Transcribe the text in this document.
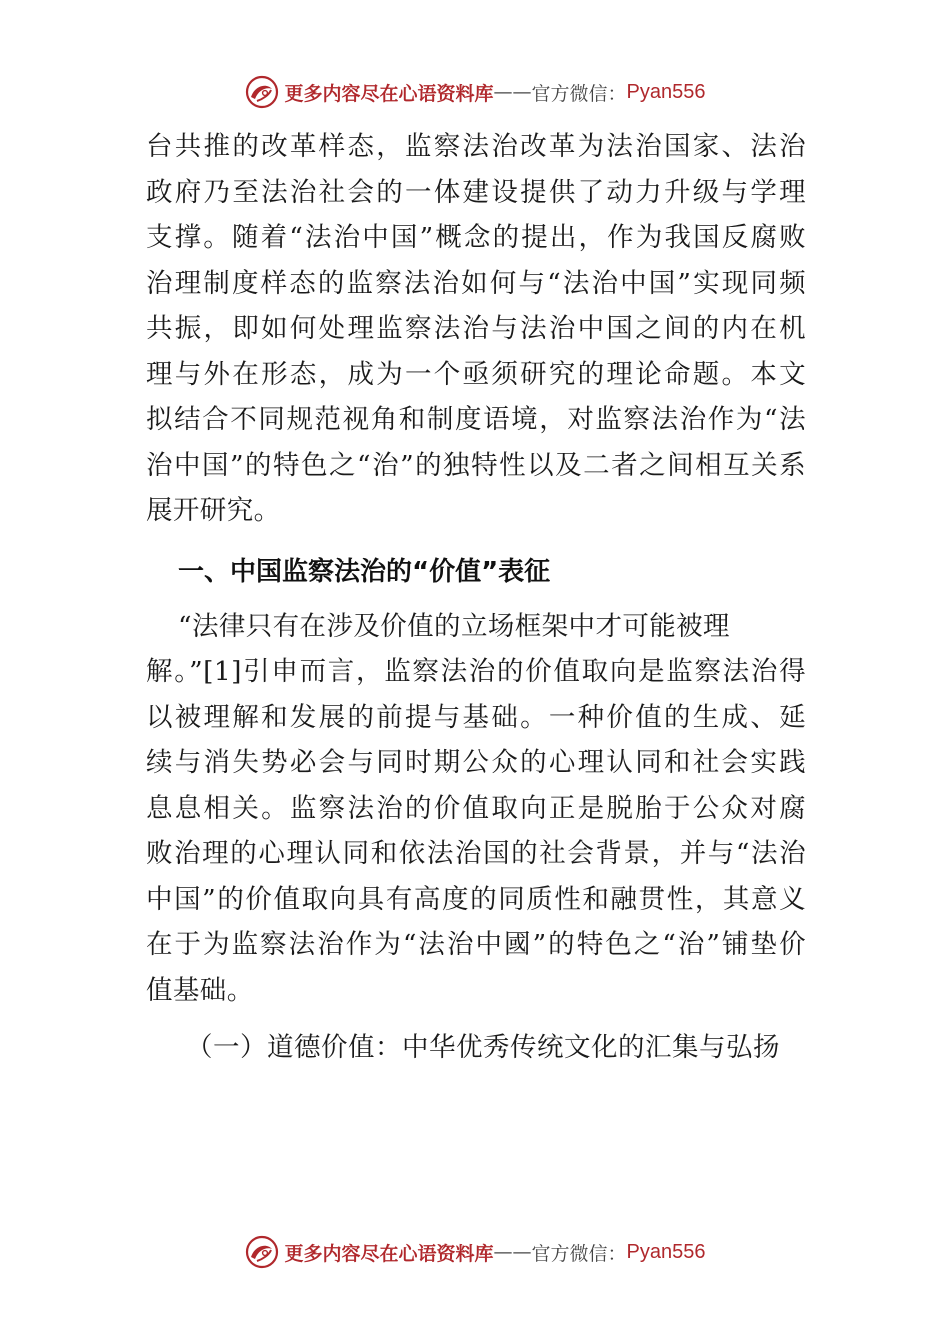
更多内容尽在心语资料库 —— 官方微信： Pyan556
台共推的改革样态，监察法治改革为法治国家、法治
政府乃至法治社会的一体建设提供了动力升级与学理
支撑。随着“法治中国”概念的提出，作为我国反腐败
治理制度样态的监察法治如何与“法治中国”实现同频
共振，即如何处理监察法治与法治中国之间的内在机
理与外在形态，成为一个亟须研究的理论命题。本文
拟结合不同规范视角和制度语境，对监察法治作为“法
治中国”的特色之“治”的独特性以及二者之间相互关系
展开研究。
一、中国监察法治的“价值”表征
“法律只有在涉及价值的立场框架中才可能被理
解。”[1]引申而言，监察法治的价值取向是监察法治得
以被理解和发展的前提与基础。一种价值的生成、延
续与消失势必会与同时期公众的心理认同和社会实践
息息相关。监察法治的价值取向正是脱胎于公众对腐
败治理的心理认同和依法治国的社会背景，并与“法治
中国”的价值取向具有高度的同质性和融贯性，其意义
在于为监察法治作为“法治中國”的特色之“治”铺垫价
值基础。
（一）道德价值：中华优秀传统文化的汇集与弘扬
更多内容尽在心语资料库 —— 官方微信： Pyan556
